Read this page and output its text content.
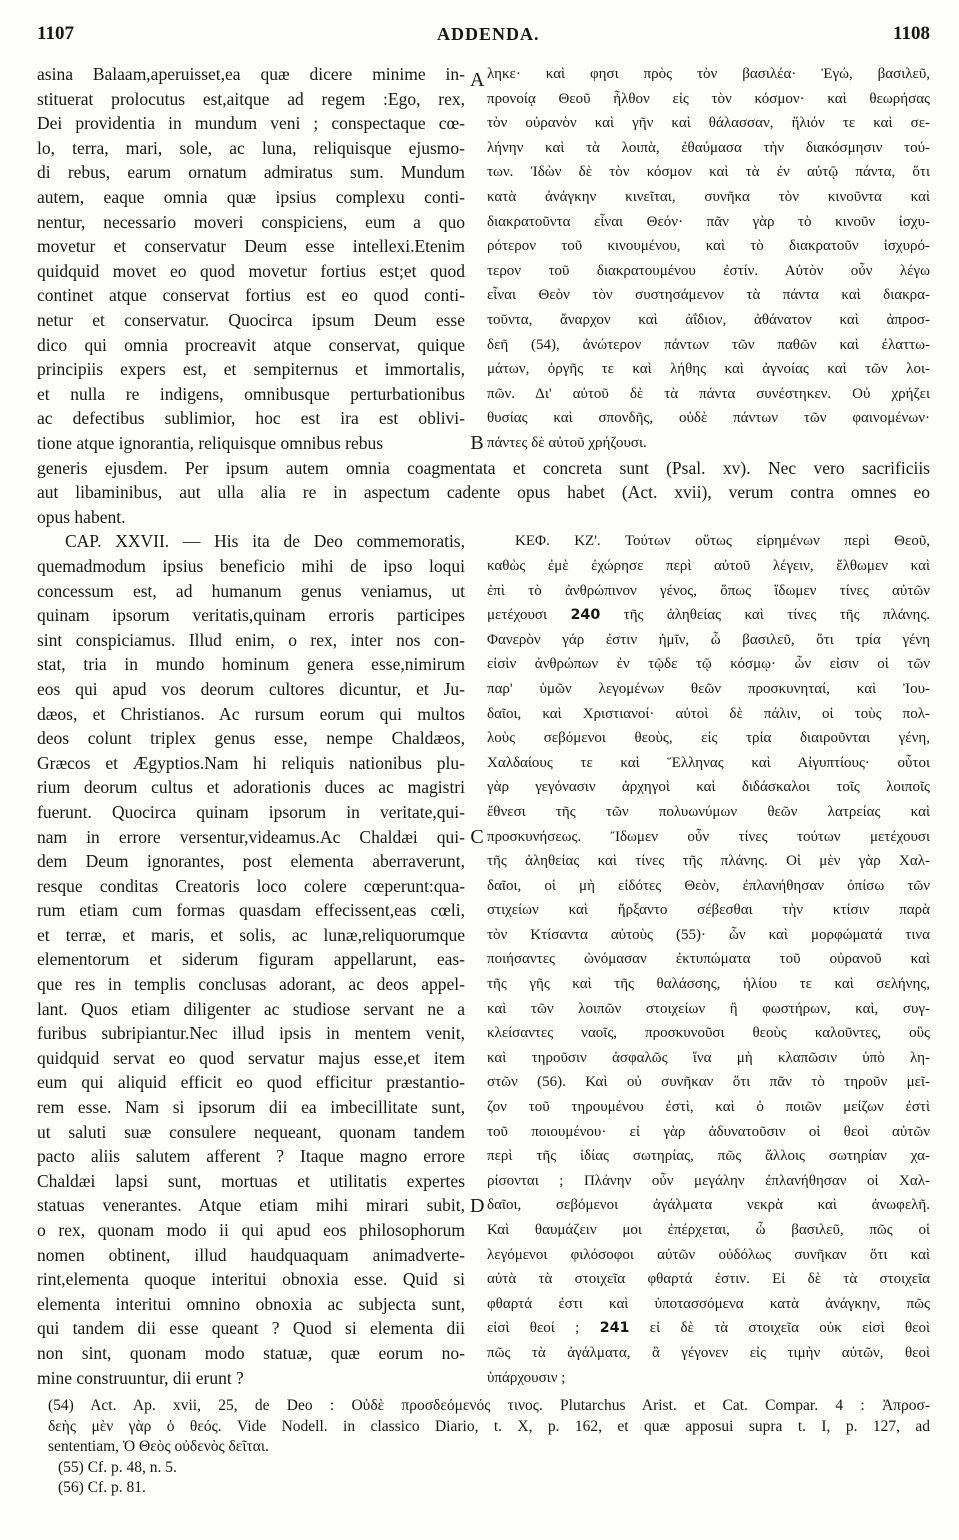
1107	ADDENDA.	1108
asina Balaam,aperuisset,ea quæ dicere minime in-
stituerat prolocutus est,aitque ad regem :Ego, rex,
Dei providentia in mundum veni ; conspectaque cœ-
lo, terra, mari, sole, ac luna, reliquisque ejusmo-
di rebus, earum ornatum admiratus sum. Mundum
autem, eaque omnia quæ ipsius complexu conti-
nentur, necessario moveri conspiciens, eum a quo
movetur et conservatur Deum esse intellexi.Etenim
quidquid movet eo quod movetur fortius est;et quod
continet atque conservat fortius est eo quod conti-
netur et conservatur. Quocirca ipsum Deum esse
dico qui omnia procreavit atque conservat, quique
principiis expers est, et sempiternus et immortalis,
et nulla re indigens, omnibusque perturbationibus
ac defectibus sublimior, hoc est ira est oblivi-
tione atque ignorantia, reliquisque omnibus rebus
ληκε· καὶ φησι πρὸς τὸν βασιλέα· Ἐγώ, βασιλεῦ,
προνοίᾳ Θεοῦ ἦλθον εἰς τὸν κόσμον· καὶ θεωρήσας
τὸν οὐρανὸν καὶ γῆν καὶ θάλασσαν, ἥλιόν τε καὶ σε-
λήνην καὶ τὰ λοιπὰ, ἐθαύμασα τὴν διακόσμησιν τού-
των. Ἰδὼν δὲ τὸν κόσμον καὶ τὰ ἐν αὐτῷ πάντα, ὅτι
κατὰ ἀνάγκην κινεῖται, συνῆκα τὸν κινοῦντα καὶ
διακρατοῦντα εἶναι Θεόν· πᾶν γὰρ τὸ κινοῦν ἰσχυ-
ρότερον τοῦ κινουμένου, καὶ τὸ διακρατοῦν ἰσχυρό-
τερον τοῦ διακρατουμένου ἐστίν. Αὐτὸν οὖν λέγω
εἶναι Θεὸν τὸν συστησάμενον τὰ πάντα καὶ διακρα-
τοῦντα, ἄναρχον καὶ ἀΐδιον, ἀθάνατον καὶ ἀπροσ-
δεῆ (54), ἀνώτερον πάντων τῶν παθῶν καὶ ἐλαττω-
μάτων, ὀργῆς τε καὶ λήθης καὶ ἀγνοίας καὶ τῶν λοι-
πῶν. Δι' αὐτοῦ δὲ τὰ πάντα συνέστηκεν. Οὐ χρήζει
θυσίας καὶ σπονδῆς, οὐδὲ πάντων τῶν φαινομένων·
πάντες δὲ αὐτοῦ χρήζουσι.
generis ejusdem. Per ipsum autem omnia coagmentata et concreta sunt (Psal. xv). Nec vero sacrificiis
aut libaminibus, aut ulla alia re in aspectum cadente opus habet (Act. xvii), verum contra omnes eo
opus habent.
CAP. XXVII. — His ita de Deo commemoratis,
quemadmodum ipsius beneficio mihi de ipso loqui
concessum est, ad humanum genus veniamus, ut
quinam ipsorum veritatis,quinam erroris participes
sint conspiciamus. Illud enim, o rex, inter nos con-
stat, tria in mundo hominum genera esse,nimirum
eos qui apud vos deorum cultores dicuntur, et Ju-
dæos, et Christianos. Ac rursum eorum qui multos
deos colunt triplex genus esse, nempe Chaldæos,
Græcos et Ægyptios.Nam hi reliquis nationibus plu-
rium deorum cultus et adorationis duces ac magistri
fuerunt. Quocirca quinam ipsorum in veritate,qui-
nam in errore versentur,videamus.Ac Chaldæi qui-
dem Deum ignorantes, post elementa aberraverunt,
resque conditas Creatoris loco colere cœperunt:qua-
rum etiam cum formas quasdam effecissent,eas cœli,
et terræ, et maris, et solis, ac lunæ,reliquorumque
elementorum et siderum figuram appellarunt, eas-
que res in templis conclusas adorant, ac deos appel-
lant. Quos etiam diligenter ac studiose servant ne a
furibus subripiantur.Nec illud ipsis in mentem venit,
quidquid servat eo quod servatur majus esse,et item
eum qui aliquid efficit eo quod efficitur præstantio-
rem esse. Nam si ipsorum dii ea imbecillitate sunt,
ut saluti suæ consulere nequeant, quonam tandem
pacto aliis salutem afferent ? Itaque magno errore
Chaldæi lapsi sunt, mortuas et utilitatis expertes
statuas venerantes. Atque etiam mihi mirari subit,
o rex, quonam modo ii qui apud eos philosophorum
nomen obtinent, illud haudquaquam animadverte-
rint,elementa quoque interitui obnoxia esse. Quid si
elementa interitui omnino obnoxia ac subjecta sunt,
qui tandem dii esse queant ? Quod si elementa dii
non sint, quonam modo statuæ, quæ eorum no-
mine construuntur, dii erunt ?
ΚΕΦ. ΚΖ'. Τούτων οὕτως εἰρημένων περὶ Θεοῦ,
καθὼς ἐμὲ ἐχώρησε περὶ αὐτοῦ λέγειν, ἔλθωμεν καὶ
ἐπὶ τὸ ἀνθρώπινον γένος, ὅπως ἴδωμεν τίνες αὐτῶν
μετέχουσι 240 τῆς ἀληθείας καὶ τίνες τῆς πλάνης.
Φανερὸν γάρ ἐστιν ἡμῖν, ὦ βασιλεῦ, ὅτι τρία γένη
εἰσὶν ἀνθρώπων ἐν τῷδε τῷ κόσμῳ· ὧν εἰσιν οἱ τῶν
παρ' ὑμῶν λεγομένων θεῶν προσκυνηταί, καὶ Ἰου-
δαῖοι, καὶ Χριστιανοί· αὐτοὶ δὲ πάλιν, οἱ τοὺς πολ-
λοὺς σεβόμενοι θεοὺς, εἰς τρία διαιροῦνται γένη,
Χαλδαίους τε καὶ Ἕλληνας καὶ Αἰγυπτίους· οὗτοι
γὰρ γεγόνασιν ἀρχηγοὶ καὶ διδάσκαλοι τοῖς λοιποῖς
ἔθνεσι τῆς τῶν πολυωνύμων θεῶν λατρείας καὶ
προσκυνήσεως. Ἴδωμεν οὖν τίνες τούτων μετέχουσι
τῆς ἀληθείας καὶ τίνες τῆς πλάνης. Οἱ μὲν γὰρ Χαλ-
δαῖοι, οἱ μὴ εἰδότες Θεὸν, ἐπλανήθησαν ὀπίσω τῶν
στιχείων καὶ ἤρξαντο σέβεσθαι τὴν κτίσιν παρὰ
τὸν Κτίσαντα αὐτοὺς (55)· ὧν καὶ μορφώματά τινα
ποιήσαντες ὠνόμασαν ἐκτυπώματα τοῦ οὐρανοῦ καὶ
τῆς γῆς καὶ τῆς θαλάσσης, ἡλίου τε καὶ σελήνης,
καὶ τῶν λοιπῶν στοιχείων ἢ φωστήρων, καὶ, συγ-
κλείσαντες ναοῖς, προσκυνοῦσι θεοὺς καλοῦντες, οὓς
καὶ τηροῦσιν ἀσφαλῶς ἵνα μὴ κλαπῶσιν ὑπὸ λη-
στῶν (56). Καὶ οὐ συνῆκαν ὅτι πᾶν τὸ τηροῦν μεῖ-
ζον τοῦ τηρουμένου ἐστὶ, καὶ ὁ ποιῶν μείζων ἐστὶ
τοῦ ποιουμένου· εἰ γὰρ ἀδυνατοῦσιν οἱ θεοὶ αὐτῶν
περὶ τῆς ἰδίας σωτηρίας, πῶς ἄλλοις σωτηρίαν χα-
ρίσονται ; Πλάνην οὖν μεγάλην ἐπλανήθησαν οἱ Χαλ-
δαῖοι, σεβόμενοι ἀγάλματα νεκρὰ καὶ ἀνωφελῆ.
Καὶ θαυμάζειν μοι ἐπέρχεται, ὦ βασιλεῦ, πῶς οἱ
λεγόμενοι φιλόσοφοι αὐτῶν οὐδόλως συνῆκαν ὅτι καὶ
αὐτὰ τὰ στοιχεῖα φθαρτά ἐστιν. Εἰ δὲ τὰ στοιχεῖα
φθαρτά ἐστι καὶ ὑποτασσόμενα κατὰ ἀνάγκην, πῶς
εἰσὶ θεοί ; 241 εἰ δὲ τὰ στοιχεῖα οὐκ εἰσὶ θεοὶ
πῶς τὰ ἀγάλματα, ἃ γέγονεν εἰς τιμὴν αὐτῶν, θεοὶ
ὑπάρχουσιν ;
(54) Act. Ap. xvii, 25, de Deo : Οὐδὲ προσδεόμενός τινος. Plutarchus Arist. et Cat. Compar. 4 : Ἀπροσ-
δεὴς μὲν γὰρ ὁ θεός. Vide Nodell. in classico Diario, t. X, p. 162, et quæ apposui supra t. I, p. 127, ad
sententiam, Ὁ Θεὸς οὐδενὸς δεῖται.
(55) Cf. p. 48, n. 5.
(56) Cf. p. 81.
A
B
C
D
